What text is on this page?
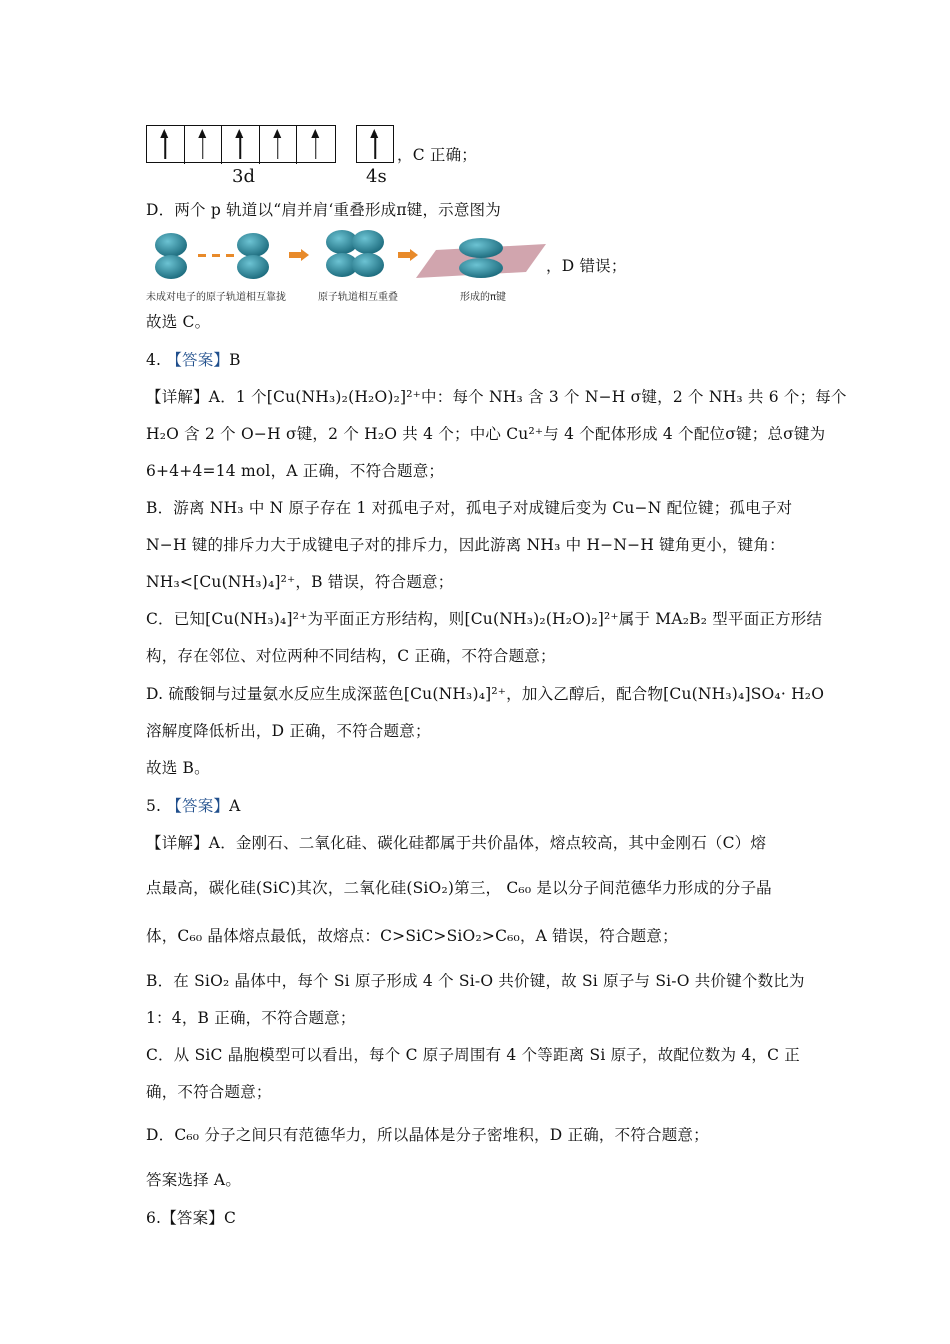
3d	4s
，C 正确；
D．两个 p 轨道以“肩并肩‘重叠形成π键，示意图为
未成对电子的原子轨道相互靠拢	原子轨道相互重叠	形成的π键
，D 错误；
故选 C。
4. 【答案】B
【详解】A．1 个[Cu(NH₃)₂(H₂O)₂]²⁺中：每个 NH₃ 含 3 个 N−H σ键，2 个 NH₃ 共 6 个；每个
H₂O 含 2 个 O−H σ键，2 个 H₂O 共 4 个；中心 Cu²⁺与 4 个配体形成 4 个配位σ键；总σ键为
6+4+4=14 mol，A 正确，不符合题意；
B．游离 NH₃ 中 N 原子存在 1 对孤电子对，孤电子对成键后变为 Cu−N 配位键；孤电子对
N−H 键的排斥力大于成键电子对的排斥力，因此游离 NH₃ 中 H−N−H 键角更小，键角：
NH₃<[Cu(NH₃)₄]²⁺，B 错误，符合题意；
C．已知[Cu(NH₃)₄]²⁺为平面正方形结构，则[Cu(NH₃)₂(H₂O)₂]²⁺属于 MA₂B₂ 型平面正方形结
构，存在邻位、对位两种不同结构，C 正确，不符合题意；
D. 硫酸铜与过量氨水反应生成深蓝色[Cu(NH₃)₄]²⁺，加入乙醇后，配合物[Cu(NH₃)₄]SO₄· H₂O
溶解度降低析出，D 正确，不符合题意；
故选 B。
5. 【答案】A
【详解】A．金刚石、二氧化硅、碳化硅都属于共价晶体，熔点较高，其中金刚石（C）熔
点最高，碳化硅(SiC)其次，二氧化硅(SiO₂)第三， C₆₀ 是以分子间范德华力形成的分子晶
体，C₆₀ 晶体熔点最低，故熔点：C>SiC>SiO₂>C₆₀，A 错误，符合题意；
B．在 SiO₂ 晶体中，每个 Si 原子形成 4 个 Si-O 共价键，故 Si 原子与 Si-O 共价键个数比为
1：4，B 正确，不符合题意；
C．从 SiC 晶胞模型可以看出，每个 C 原子周围有 4 个等距离 Si 原子，故配位数为 4，C 正
确，不符合题意；
D．C₆₀ 分子之间只有范德华力，所以晶体是分子密堆积，D 正确，不符合题意；
答案选择 A。
6.【答案】C
